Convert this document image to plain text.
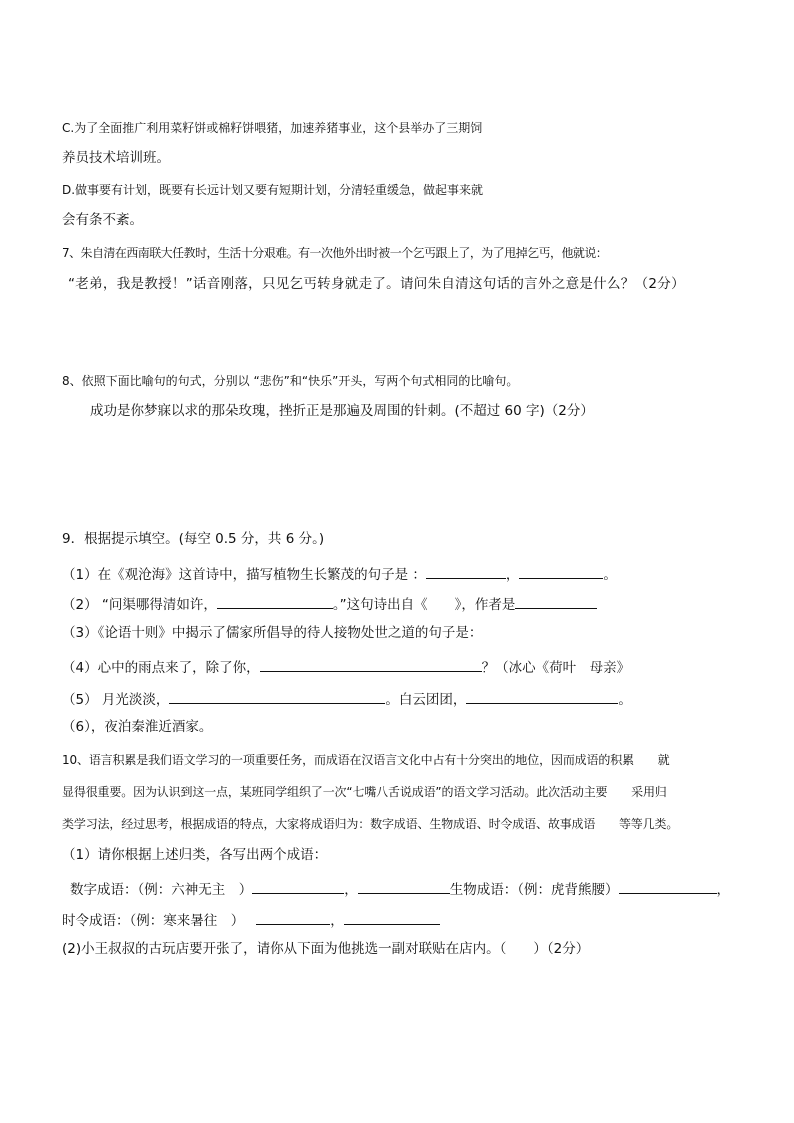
C.为了全面推广利用菜籽饼或棉籽饼喂猪，加速养猪事业，这个县举办了三期饲
养员技术培训班。
D.做事要有计划，既要有长远计划又要有短期计划，分清轻重缓急，做起事来就
会有条不紊。
7、朱自清在西南联大任教时，生活十分艰难。有一次他外出时被一个乞丐跟上了，为了甩掉乞丐，他就说：
“老弟，我是教授！”话音刚落，只见乞丐转身就走了。请问朱自清这句话的言外之意是什么？（2分）
8、依照下面比喻句的句式，分别以 “悲伤”和“快乐”开头，写两个句式相同的比喻句。
成功是你梦寐以求的那朵玫瑰，挫折正是那遍及周围的针刺。(不超过 60 字)（2分）
9．根据提示填空。(每空 0.5 分，共 6 分。)
（1）在《观沧海》这首诗中，描写植物生长繁茂的句子是 ：	，	。
（2） “问渠哪得清如许，	。”这句诗出自《　　》，作者是
（3）《论语十则》中揭示了儒家所倡导的待人接物处世之道的句子是：
（4）心中的雨点来了，除了你，	？（冰心《荷叶　母亲》
（5） 月光淡淡，	。白云团团，	。
（6），夜泊秦淮近酒家。
10、语言积累是我们语文学习的一项重要任务，而成语在汉语言文化中占有十分突出的地位，因而成语的积累　　就
显得很重要。因为认识到这一点，某班同学组织了一次“七嘴八舌说成语”的语文学习活动。此次活动主要　　采用归
类学习法，经过思考，根据成语的特点，大家将成语归为：数字成语、生物成语、时令成语、故事成语　　等等几类。
（1）请你根据上述归类，各写出两个成语：
数字成语：（例：六神无主　）	，	生物成语：（例：虎背熊腰）	，
时令成语：（例：寒来暑往　）	，
(2)小王叔叔的古玩店要开张了，请你从下面为他挑选一副对联贴在店内。（　　）（2分）
